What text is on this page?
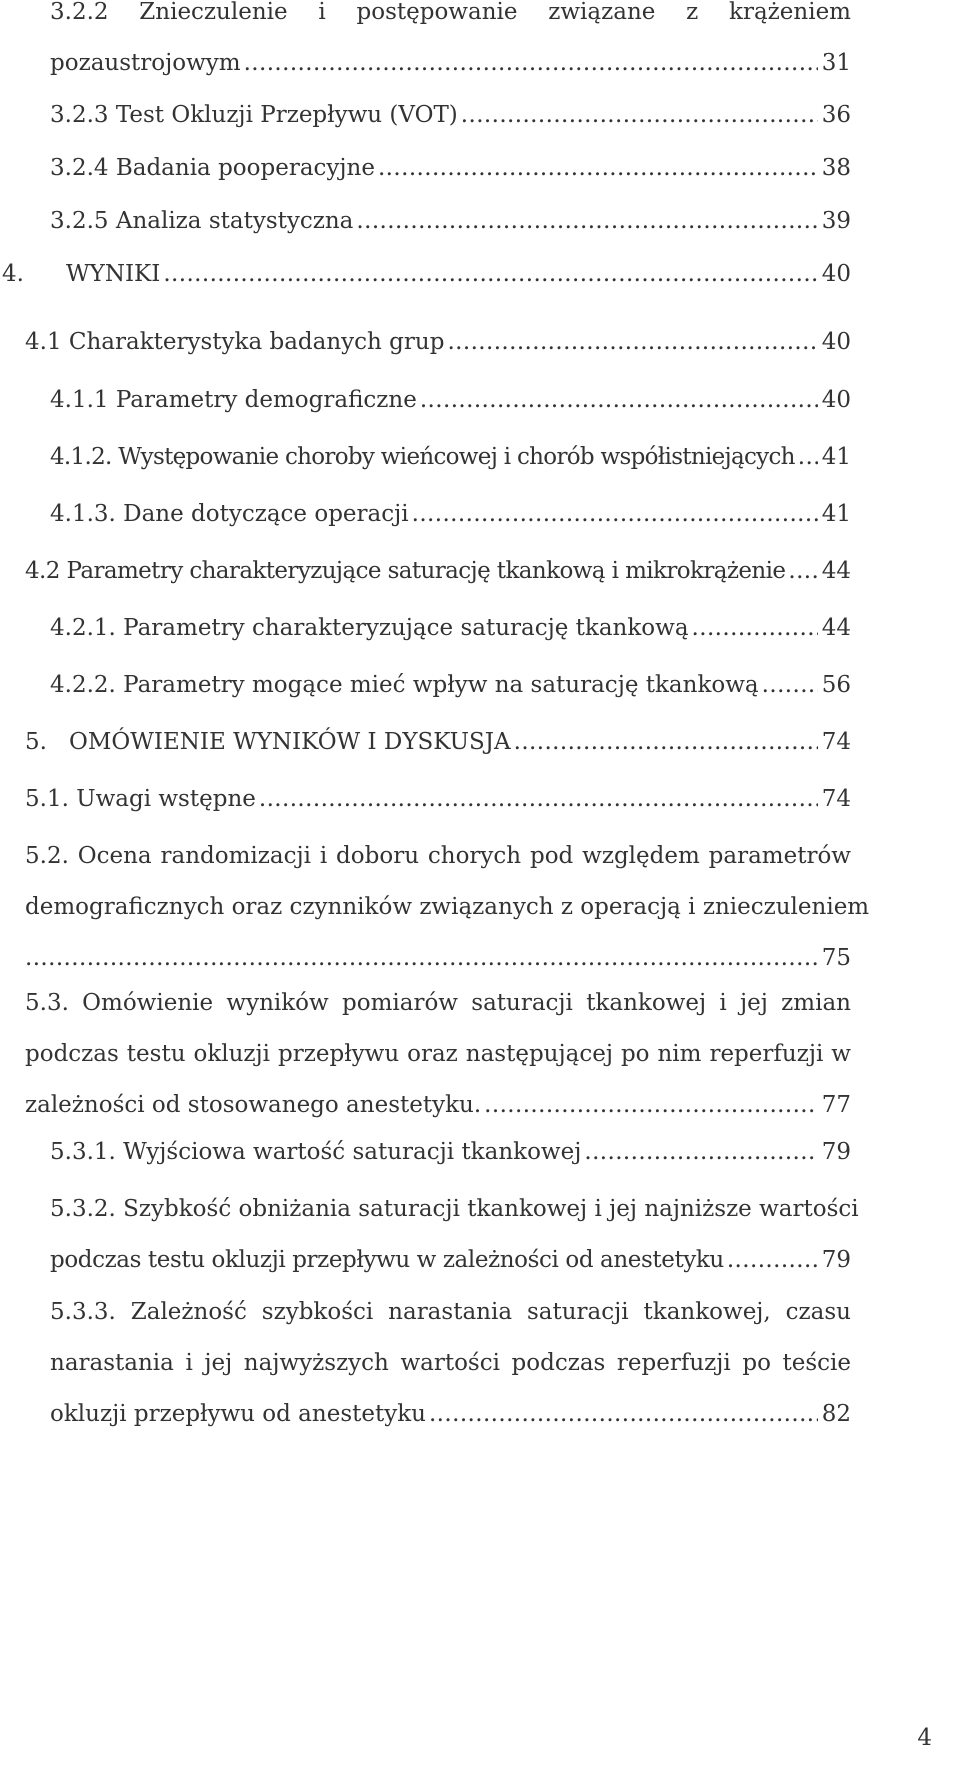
3.2.2 Znieczulenie i postępowanie związane z krążeniem
pozaustrojowym .....	31
3.2.3 Test Okluzji Przepływu (VOT) .....	36
3.2.4 Badania pooperacyjne .....	38
3.2.5 Analiza statystyczna .....	39
4.	WYNIKI .....	40
4.1 Charakterystyka badanych grup .....	40
4.1.1 Parametry demograficzne .....	40
4.1.2. Występowanie choroby wieńcowej i chorób współistniejących ..... 41
4.1.3. Dane dotyczące operacji .....	41
4.2 Parametry charakteryzujące saturację tkankową i mikrokrążenie ..... 44
4.2.1. Parametry charakteryzujące saturację tkankową .....	44
4.2.2. Parametry mogące mieć wpływ na saturację tkankową .....	56
5. OMÓWIENIE WYNIKÓW I DYSKUSJA .....	74
5.1. Uwagi wstępne .....	74
5.2. Ocena randomizacji i doboru chorych pod względem parametrów
demograficznych oraz czynników związanych z operacją i znieczuleniem
.....
75
5.3. Omówienie wyników pomiarów saturacji tkankowej i jej zmian
podczas testu okluzji przepływu oraz następującej po nim reperfuzji w
zależności od stosowanego anestetyku. .....	77
5.3.1. Wyjściowa wartość saturacji tkankowej .....	79
5.3.2. Szybkość obniżania saturacji tkankowej i jej najniższe wartości
podczas testu okluzji przepływu w zależności od anestetyku .....	79
5.3.3. Zależność szybkości narastania saturacji tkankowej, czasu
narastania i jej najwyższych wartości podczas reperfuzji po teście
okluzji przepływu od anestetyku .....	82
4
